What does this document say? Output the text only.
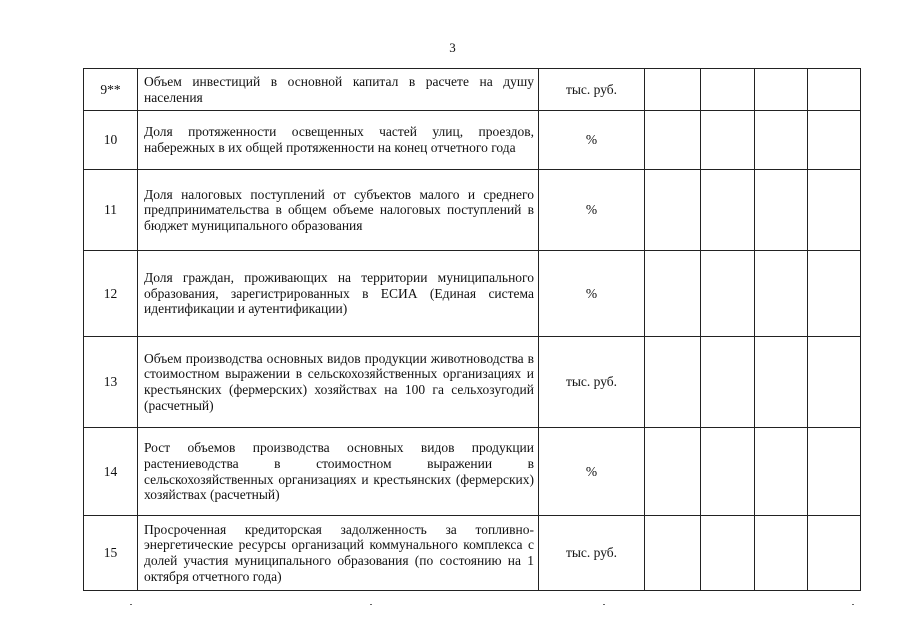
3
9**	Объем инвестиций в основной капитал в расчете на душу населения	тыс. руб.				
10	Доля протяженности освещенных частей улиц, проездов, набережных в их общей протяженности на конец отчетного года	%				
11	Доля налоговых поступлений от субъектов малого и среднего предпринимательства в общем объеме налоговых поступлений в бюджет муниципального образования	%				
12	Доля граждан, проживающих на территории муниципального образования, зарегистрированных в ЕСИА (Единая система идентификации и аутентификации)	%				
13	Объем производства основных видов продукции животноводства в стоимостном выражении в сельскохозяйственных организациях и крестьянских (фермерских) хозяйствах на 100 га сельхозугодий (расчетный)	тыс. руб.				
14	Рост объемов производства основных видов продукции растениеводства в стоимостном выражении в сельскохозяйственных организациях и крестьянских (фермерских) хозяйствах (расчетный)	%				
15	Просроченная кредиторская задолженность за топливно-энергетические ресурсы организаций коммунального комплекса с долей участия муниципального образования (по состоянию на 1 октября отчетного года)	тыс. руб.				
